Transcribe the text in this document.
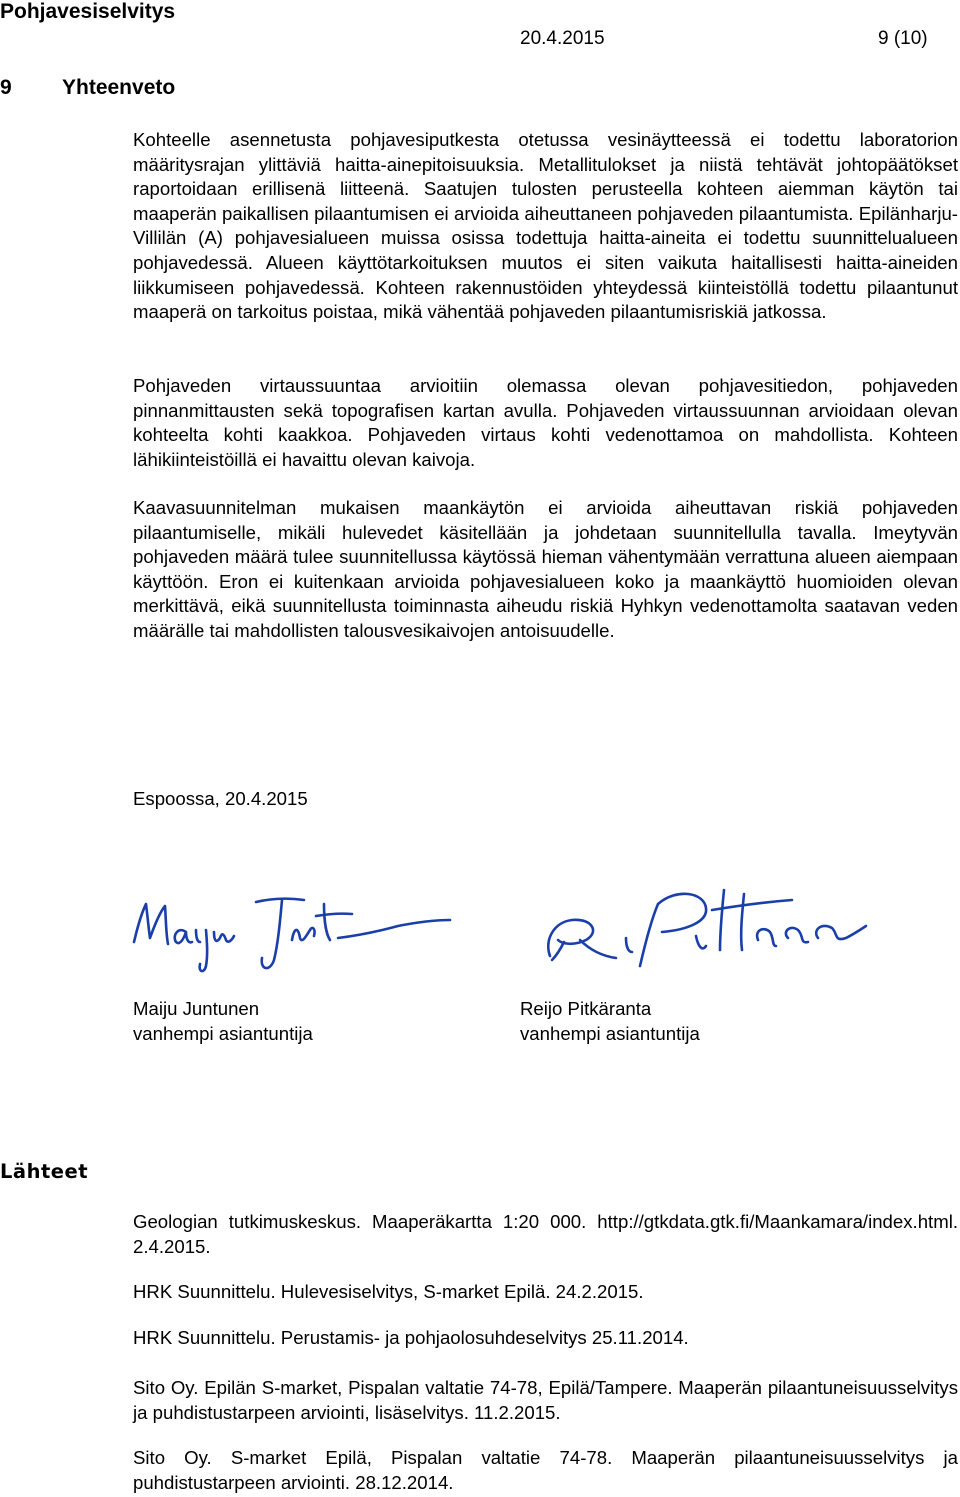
Pohjavesiselvitys
20.4.2015	9 (10)
9 Yhteenveto

Kohteelle asennetusta pohjavesiputkesta otetussa vesinäytteessä ei todettu laboratorion määritysrajan ylittäviä haitta-ainepitoisuuksia. Metallitulokset ja niistä tehtävät johtopäätökset raportoidaan erillisenä liitteenä. Saatujen tulosten perusteella kohteen aiemman käytön tai maaperän paikallisen pilaantumisen ei arvioida aiheuttaneen pohjaveden pilaantumista. Epilänharju-Villilän (A) pohjavesialueen muissa osissa todettuja haitta-aineita ei todettu suunnittelualueen pohjavedessä. Alueen käyttötarkoituksen muutos ei siten vaikuta haitallisesti haitta-aineiden liikkumiseen pohjavedessä. Kohteen rakennustöiden yhteydessä kiinteistöllä todettu pilaantunut maaperä on tarkoitus poistaa, mikä vähentää pohjaveden pilaantumisriskiä jatkossa.

Pohjaveden virtaussuuntaa arvioitiin olemassa olevan pohjavesitiedon, pohjaveden pinnanmittausten sekä topografisen kartan avulla. Pohjaveden virtaussuunnan arvioidaan olevan kohteelta kohti kaakkoa. Pohjaveden virtaus kohti vedenottamoa on mahdollista. Kohteen lähikiinteistöillä ei havaittu olevan kaivoja.

Kaavasuunnitelman mukaisen maankäytön ei arvioida aiheuttavan riskiä pohjaveden pilaantumiselle, mikäli hulevedet käsitellään ja johdetaan suunnitellulla tavalla. Imeytyvän pohjaveden määrä tulee suunnitellussa käytössä hieman vähentymään verrattuna alueen aiempaan käyttöön. Eron ei kuitenkaan arvioida pohjavesialueen koko ja maankäyttö huomioiden olevan merkittävä, eikä suunnitellusta toiminnasta aiheudu riskiä Hyhkyn vedenottamolta saatavan veden määrälle tai mahdollisten talousvesikaivojen antoisuudelle.

Espoossa, 20.4.2015
Maiju Juntunen
vanhempi asiantuntija
Reijo Pitkäranta
vanhempi asiantuntija
Lähteet

Geologian tutkimuskeskus. Maaperäkartta 1:20 000. http://gtkdata.gtk.fi/Maankamara/index.html. 2.4.2015.

HRK Suunnittelu. Hulevesiselvitys, S-market Epilä. 24.2.2015.

HRK Suunnittelu. Perustamis- ja pohjaolosuhdeselvitys 25.11.2014.

Sito Oy. Epilän S-market, Pispalan valtatie 74-78, Epilä/Tampere. Maaperän pilaantuneisuusselvitys ja puhdistustarpeen arviointi, lisäselvitys. 11.2.2015.

Sito Oy. S-market Epilä, Pispalan valtatie 74-78. Maaperän pilaantuneisuusselvitys ja puhdistustarpeen arviointi. 28.12.2014.
